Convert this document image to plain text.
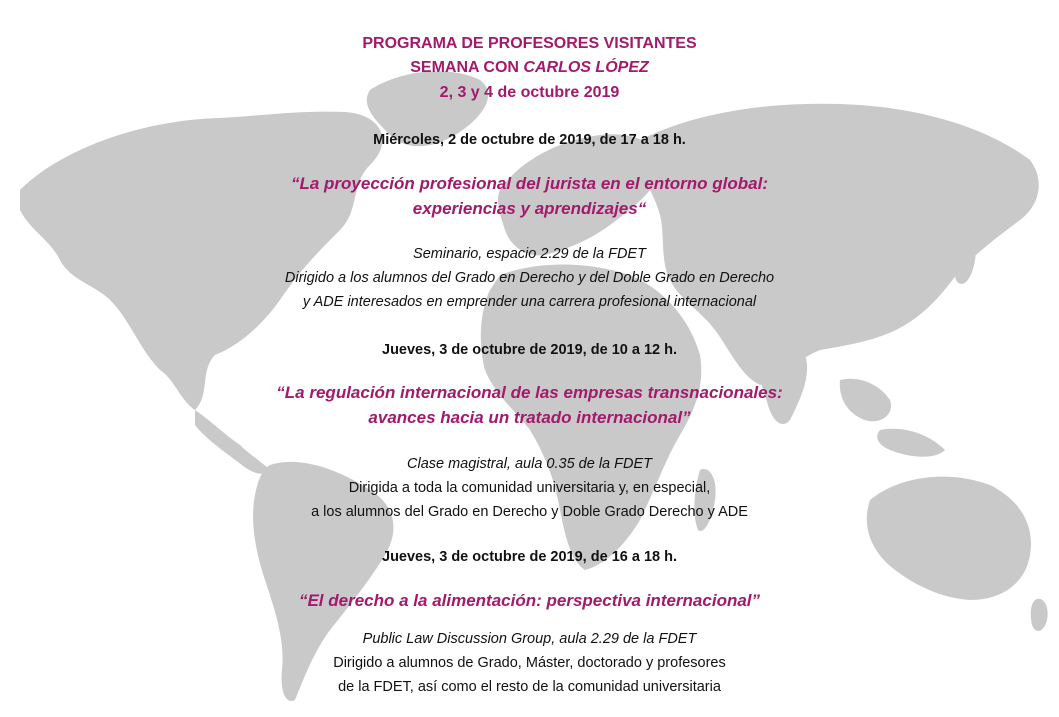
PROGRAMA DE PROFESORES VISITANTES
SEMANA CON CARLOS LÓPEZ
2, 3 y 4 de octubre 2019
Miércoles, 2 de octubre de 2019, de 17 a 18 h.
“La proyección profesional del jurista en el entorno global:
experiencias y aprendizajes“
Seminario, espacio 2.29 de la FDET
Dirigido a los alumnos del Grado en Derecho y del Doble Grado en Derecho
y ADE interesados en emprender una carrera profesional internacional
Jueves, 3 de octubre de 2019, de 10 a 12 h.
“La regulación internacional de las empresas transnacionales:
avances hacia un tratado internacional”
Clase magistral, aula 0.35 de la FDET
Dirigida a toda la comunidad universitaria y, en especial,
a los alumnos del Grado en Derecho y Doble Grado Derecho y ADE
Jueves, 3 de octubre de 2019, de 16 a 18 h.
“El derecho a la alimentación: perspectiva internacional”
Public Law Discussion Group, aula 2.29 de la FDET
Dirigido a alumnos de Grado, Máster, doctorado y profesores
de la FDET, así como el resto de la comunidad universitaria
